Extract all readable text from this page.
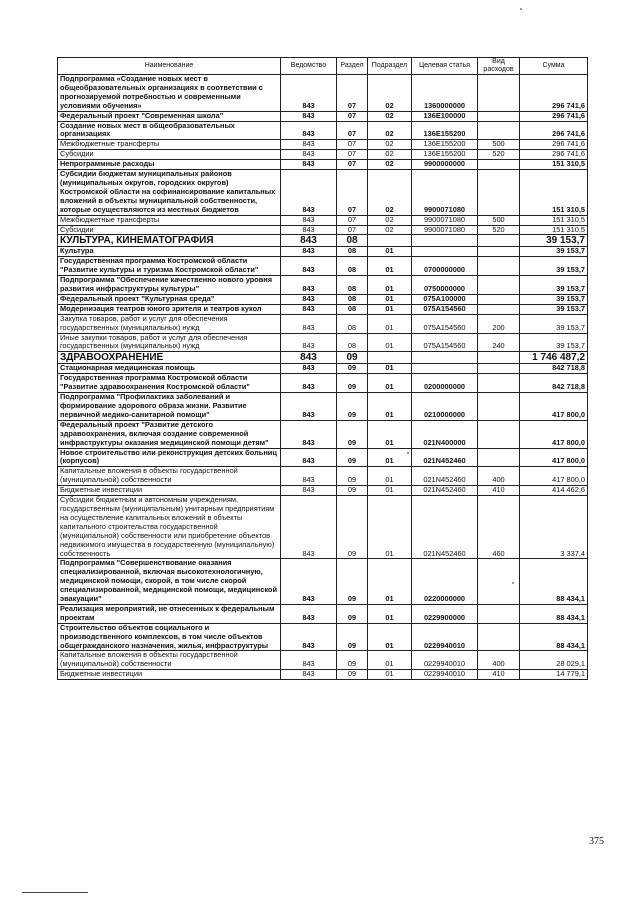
Наименование	Ведомство	Раздел	Подраздел	Целевая статья	Вид расходов	Сумма
Подпрограмма «Создание новых мест в общеобразовательных организациях в соответствии с прогнозируемой потребностью и современными условиями обучения»	843	07	02	1360000000		296 741,6
Федеральный проект "Современная школа"	843	07	02	136E100000		296 741,6
Создание новых мест в общеобразовательных организациях	843	07	02	136E155200		296 741,6
Межбюджетные трансферты	843	07	02	136E155200	500	296 741,6
Субсидии	843	07	02	136E155200	520	296 741,6
Непрограммные расходы	843	07	02	9900000000		151 310,5
Субсидии бюджетам муниципальных районов (муниципальных округов, городских округов) Костромской области на софинансирование капитальных вложений в объекты муниципальной собственности, которые осуществляются из местных бюджетов	843	07	02	9900071080		151 310,5
Межбюджетные трансферты	843	07	02	9900071080	500	151 310,5
Субсидии	843	07	02	9900071080	520	151 310,5
КУЛЬТУРА, КИНЕМАТОГРАФИЯ	843	08				39 153,7
Культура	843	08	01			39 153,7
Государственная программа Костромской области "Развитие культуры и туризма Костромской области"	843	08	01	0700000000		39 153,7
Подпрограмма "Обеспечение качественно нового уровня развития инфраструктуры культуры"	843	08	01	0750000000		39 153,7
Федеральный проект "Культурная среда"	843	08	01	075A100000		39 153,7
Модернизация театров юного зрителя и театров кукол	843	08	01	075A154560		39 153,7
Закупка товаров, работ и услуг для обеспечения государственных (муниципальных) нужд	843	08	01	075A154560	200	39 153,7
Иные закупки товаров, работ и услуг для обеспечения государственных (муниципальных) нужд	843	08	01	075A154560	240	39 153,7
ЗДРАВООХРАНЕНИЕ	843	09				1 746 487,2
Стационарная медицинская помощь	843	09	01			842 718,8
Государственная программа Костромской области "Развитие здравоохранения Костромской области"	843	09	01	0200000000		842 718,8
Подпрограмма "Профилактика заболеваний и формирование здорового образа жизни. Развитие первичной медико-санитарной помощи"	843	09	01	0210000000		417 800,0
Федеральный проект "Развитие детского здравоохранения, включая создание современной инфраструктуры оказания медицинской помощи детям"	843	09	01	021N400000		417 800,0
Новое строительство или реконструкция детских больниц (корпусов)	843	09	01	021N452460		417 800,0
Капитальные вложения в объекты государственной (муниципальной) собственности	843	09	01	021N452460	400	417 800,0
Бюджетные инвестиции	843	09	01	021N452460	410	414 462,6
Субсидии бюджетным и автономным учреждениям, государственным (муниципальным) унитарным предприятиям на осуществление капитальных вложений в объекты капитального строительства государственной (муниципальной) собственности или приобретение объектов недвижимого имущества в государственную (муниципальную) собственность	843	09	01	021N452460	460	3 337,4
Подпрограмма "Совершенствование оказания специализированной, включая высокотехнологичную, медицинской помощи, скорой, в том числе скорой специализированной, медицинской помощи, медицинской эвакуации"	843	09	01	0220000000		88 434,1
Реализация мероприятий, не отнесенных к федеральным проектам	843	09	01	0229900000		88 434,1
Строительство объектов социального и производственного комплексов, в том числе объектов общегражданского назначения, жилья, инфраструктуры	843	09	01	0229940010		88 434,1
Капитальные вложения в объекты государственной (муниципальной) собственности	843	09	01	0229940010	400	28 029,1
Бюджетные инвестиции	843	09	01	0229940010	410	14 779,1
375
